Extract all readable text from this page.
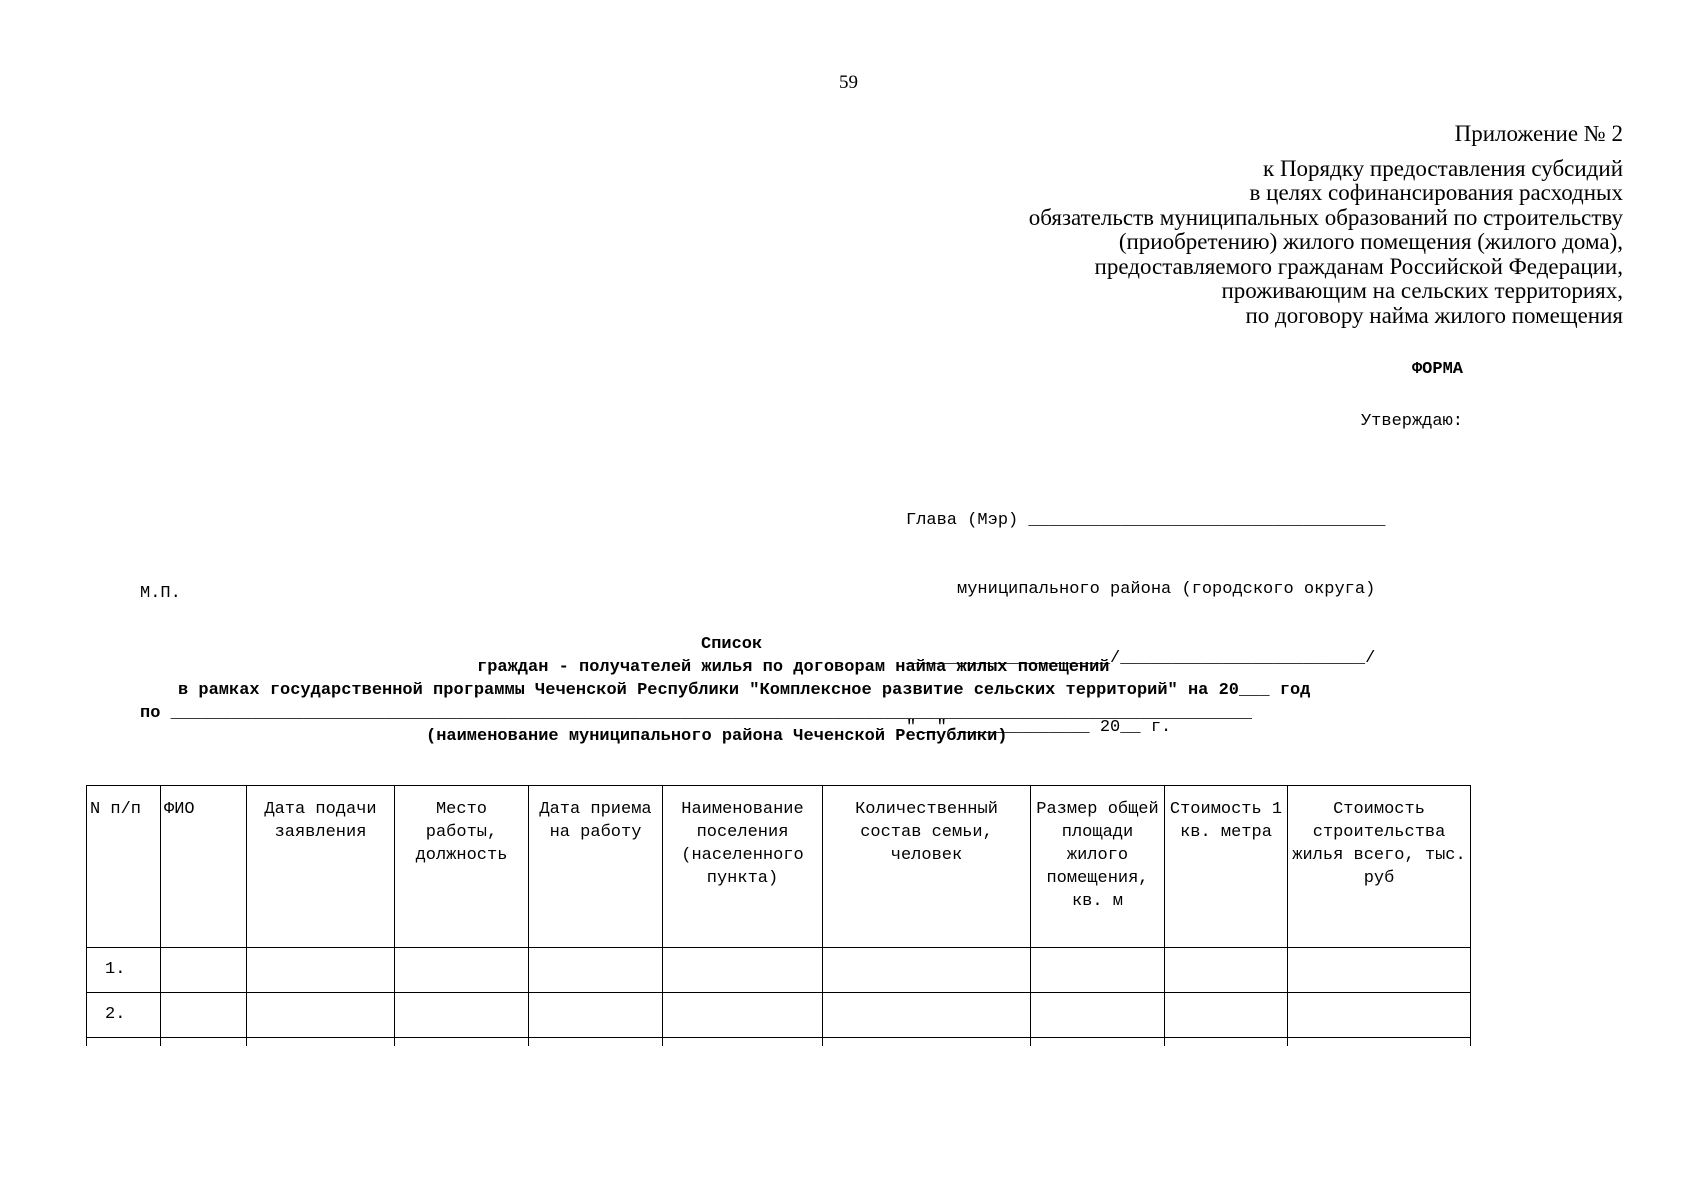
59
Приложение № 2
к Порядку предоставления субсидий
в целях софинансирования расходных
обязательств муниципальных образований по строительству
(приобретению) жилого помещения (жилого дома),
предоставляемого гражданам Российской Федерации,
проживающим на сельских территориях,
по договору найма жилого помещения
ФОРМА
Утверждаю:

Глава (Мэр) ___________________________________

муниципального района (городского округа)

____________________/________________________/

"__" _____________ 20__ г.

М.П.
Список
граждан - получателей жилья по договорам найма жилых помещений
в рамках государственной программы Чеченской Республики "Комплексное развитие сельских территорий" на 20___ год
по __________________________________________________________________________________________________________
(наименование муниципального района Чеченской Республики)
N п/п	ФИО	Дата подачи заявления	Место работы, должность	Дата приема на работу	Наименование поселения (населенного пункта)	Количественный состав семьи, человек	Размер общей площади жилого помещения, кв. м	Стоимость 1 кв. метра	Стоимость строительства жилья всего, тыс. руб
1.									
2.									
